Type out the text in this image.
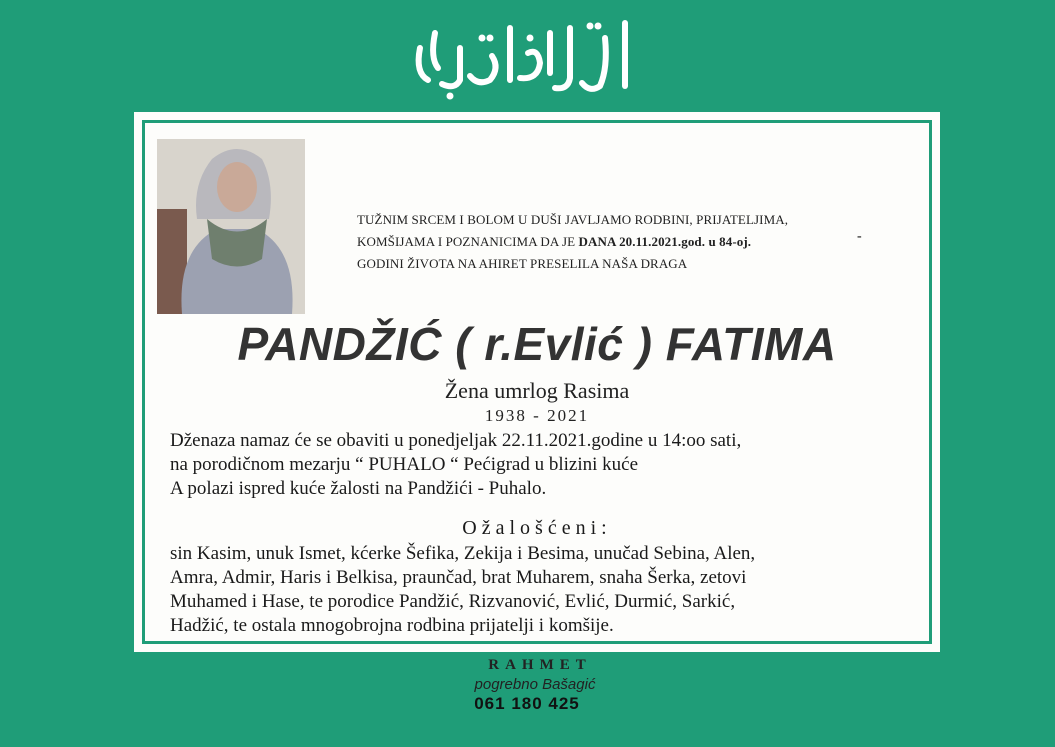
TUŽNIM SRCEM I BOLOM U DUŠI JAVLJAMO RODBINI, PRIJATELJIMA,
KOMŠIJAMA I POZNANICIMA DA JE DANA 20.11.2021.god. u 84-oj.
GODINI ŽIVOTA NA AHIRET PRESELILA NAŠA DRAGA
-
PANDŽIĆ ( r.Evlić ) FATIMA
Žena umrlog Rasima
1938 - 2021
Dženaza namaz će se obaviti u ponedjeljak 22.11.2021.godine u 14:oo sati,
na porodičnom mezarju “ PUHALO “ Pećigrad u blizini kuće
A polazi ispred kuće žalosti na Pandžići - Puhalo.
Ožalošćeni:
sin Kasim, unuk Ismet, kćerke Šefika, Zekija i Besima, unučad Sebina, Alen,
Amra, Admir, Haris i Belkisa, praunčad, brat Muharem, snaha Šerka, zetovi
Muhamed i Hase, te porodice Pandžić, Rizvanović, Evlić, Durmić, Sarkić,
Hadžić, te ostala mnogobrojna rodbina prijatelji i komšije.
RAHMET
pogrebno Bašagić
061 180 425
